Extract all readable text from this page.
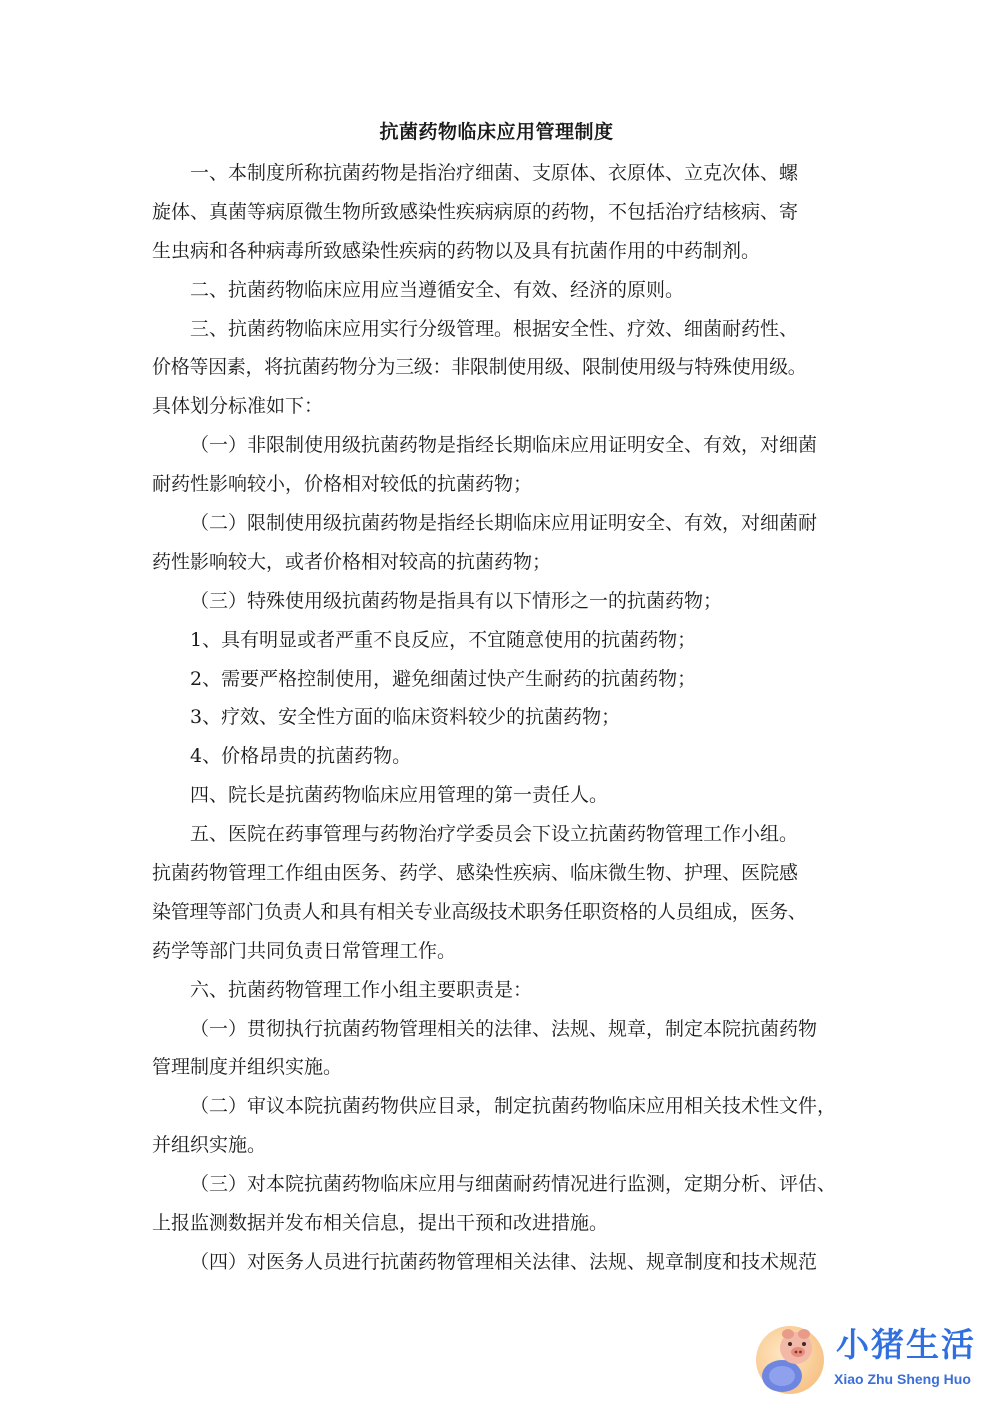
抗菌药物临床应用管理制度
一、本制度所称抗菌药物是指治疗细菌、支原体、衣原体、立克次体、螺
旋体、真菌等病原微生物所致感染性疾病病原的药物，不包括治疗结核病、寄
生虫病和各种病毒所致感染性疾病的药物以及具有抗菌作用的中药制剂。
二、抗菌药物临床应用应当遵循安全、有效、经济的原则。
三、抗菌药物临床应用实行分级管理。根据安全性、疗效、细菌耐药性、
价格等因素，将抗菌药物分为三级：非限制使用级、限制使用级与特殊使用级。
具体划分标准如下：
（一）非限制使用级抗菌药物是指经长期临床应用证明安全、有效，对细菌
耐药性影响较小，价格相对较低的抗菌药物；
（二）限制使用级抗菌药物是指经长期临床应用证明安全、有效，对细菌耐
药性影响较大，或者价格相对较高的抗菌药物；
（三）特殊使用级抗菌药物是指具有以下情形之一的抗菌药物；
1、具有明显或者严重不良反应，不宜随意使用的抗菌药物；
2、需要严格控制使用，避免细菌过快产生耐药的抗菌药物；
3、疗效、安全性方面的临床资料较少的抗菌药物；
4、价格昂贵的抗菌药物。
四、院长是抗菌药物临床应用管理的第一责任人。
五、医院在药事管理与药物治疗学委员会下设立抗菌药物管理工作小组。
抗菌药物管理工作组由医务、药学、感染性疾病、临床微生物、护理、医院感
染管理等部门负责人和具有相关专业高级技术职务任职资格的人员组成，医务、
药学等部门共同负责日常管理工作。
六、抗菌药物管理工作小组主要职责是：
（一）贯彻执行抗菌药物管理相关的法律、法规、规章，制定本院抗菌药物
管理制度并组织实施。
（二）审议本院抗菌药物供应目录，制定抗菌药物临床应用相关技术性文件，
并组织实施。
（三）对本院抗菌药物临床应用与细菌耐药情况进行监测，定期分析、评估、
上报监测数据并发布相关信息，提出干预和改进措施。
（四）对医务人员进行抗菌药物管理相关法律、法规、规章制度和技术规范
小猪生活
Xiao Zhu Sheng Huo
